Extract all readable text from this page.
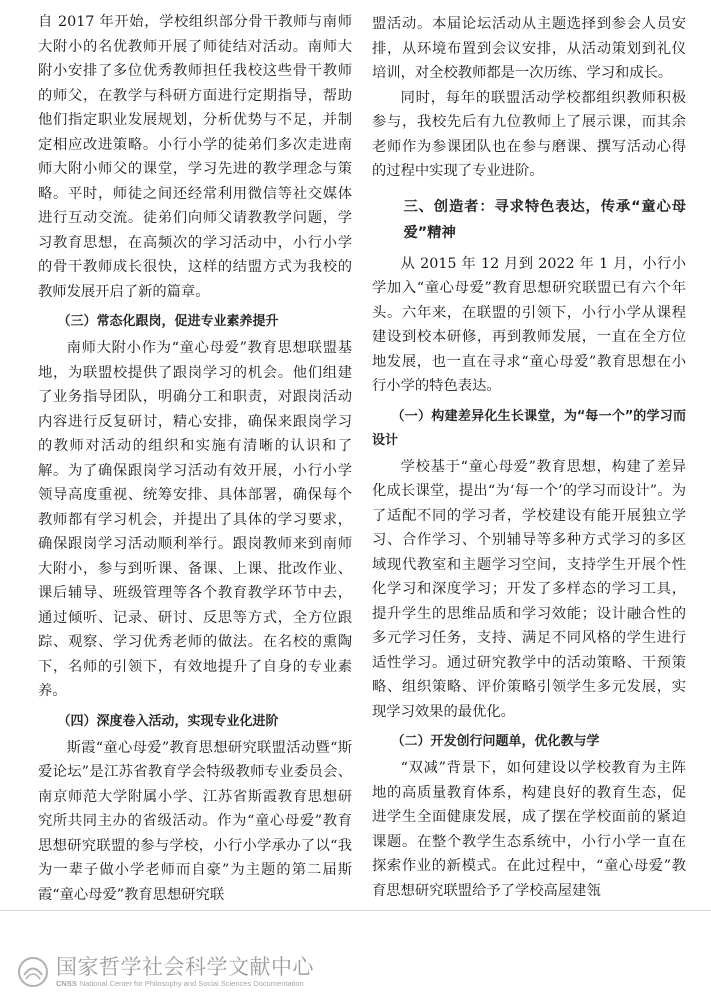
自 2017 年开始，学校组织部分骨干教师与南师大附小的名优教师开展了师徒结对活动。南师大附小安排了多位优秀教师担任我校这些骨干教师的师父，在教学与科研方面进行定期指导，帮助他们指定职业发展规划，分析优势与不足，并制定相应改进策略。小行小学的徒弟们多次走进南师大附小师父的课堂，学习先进的教学理念与策略。平时，师徒之间还经常利用微信等社交媒体进行互动交流。徒弟们向师父请教教学问题，学习教育思想，在高频次的学习活动中，小行小学的骨干教师成长很快，这样的结盟方式为我校的教师发展开启了新的篇章。

（三）常态化跟岗，促进专业素养提升

南师大附小作为“童心母爱”教育思想联盟基地，为联盟校提供了跟岗学习的机会。他们组建了业务指导团队，明确分工和职责，对跟岗活动内容进行反复研讨，精心安排，确保来跟岗学习的教师对活动的组织和实施有清晰的认识和了解。为了确保跟岗学习活动有效开展，小行小学领导高度重视、统筹安排、具体部署，确保每个教师都有学习机会，并提出了具体的学习要求，确保跟岗学习活动顺利举行。跟岗教师来到南师大附小，参与到听课、备课、上课、批改作业、课后辅导、班级管理等各个教育教学环节中去，通过倾听、记录、研讨、反思等方式，全方位跟踪、观察、学习优秀老师的做法。在名校的熏陶下，名师的引领下，有效地提升了自身的专业素养。

（四）深度卷入活动，实现专业化进阶

斯霞“童心母爱”教育思想研究联盟活动暨“斯爱论坛”是江苏省教育学会特级教师专业委员会、南京师范大学附属小学、江苏省斯霞教育思想研究所共同主办的省级活动。作为“童心母爱”教育思想研究联盟的参与学校，小行小学承办了以“我为一辈子做小学老师而自豪”为主题的第二届斯霞“童心母爱”教育思想研究联

盟活动。本届论坛活动从主题选择到参会人员安排，从环境布置到会议安排，从活动策划到礼仪培训，对全校教师都是一次历练、学习和成长。

同时，每年的联盟活动学校都组织教师积极参与，我校先后有九位教师上了展示课，而其余老师作为参课团队也在参与磨课、撰写活动心得的过程中实现了专业进阶。

三、创造者：寻求特色表达，传承“童心母爱”精神

从 2015 年 12 月到 2022 年 1 月，小行小学加入“童心母爱”教育思想研究联盟已有六个年头。六年来，在联盟的引领下，小行小学从课程建设到校本研修，再到教师发展，一直在全方位地发展，也一直在寻求“童心母爱”教育思想在小行小学的特色表达。

（一）构建差异化生长课堂，为“每一个”的学习而设计

学校基于“童心母爱”教育思想，构建了差异化成长课堂，提出“为‘每一个’的学习而设计”。为了适配不同的学习者，学校建设有能开展独立学习、合作学习、个别辅导等多种方式学习的多区域现代教室和主题学习空间，支持学生开展个性化学习和深度学习；开发了多样态的学习工具，提升学生的思维品质和学习效能；设计融合性的多元学习任务，支持、满足不同风格的学生进行适性学习。通过研究教学中的活动策略、干预策略、组织策略、评价策略引领学生多元发展，实现学习效果的最优化。

（二）开发创行问题单，优化教与学

“双减”背景下，如何建设以学校教育为主阵地的高质量教育体系，构建良好的教育生态，促进学生全面健康发展，成了摆在学校面前的紧迫课题。在整个教学生态系统中，小行小学一直在探索作业的新模式。在此过程中，“童心母爱”教育思想研究联盟给予了学校高屋建瓴

国家哲学社会科学文献中心
CNSS National Center for Philosophy and Social Sciences Documentation
